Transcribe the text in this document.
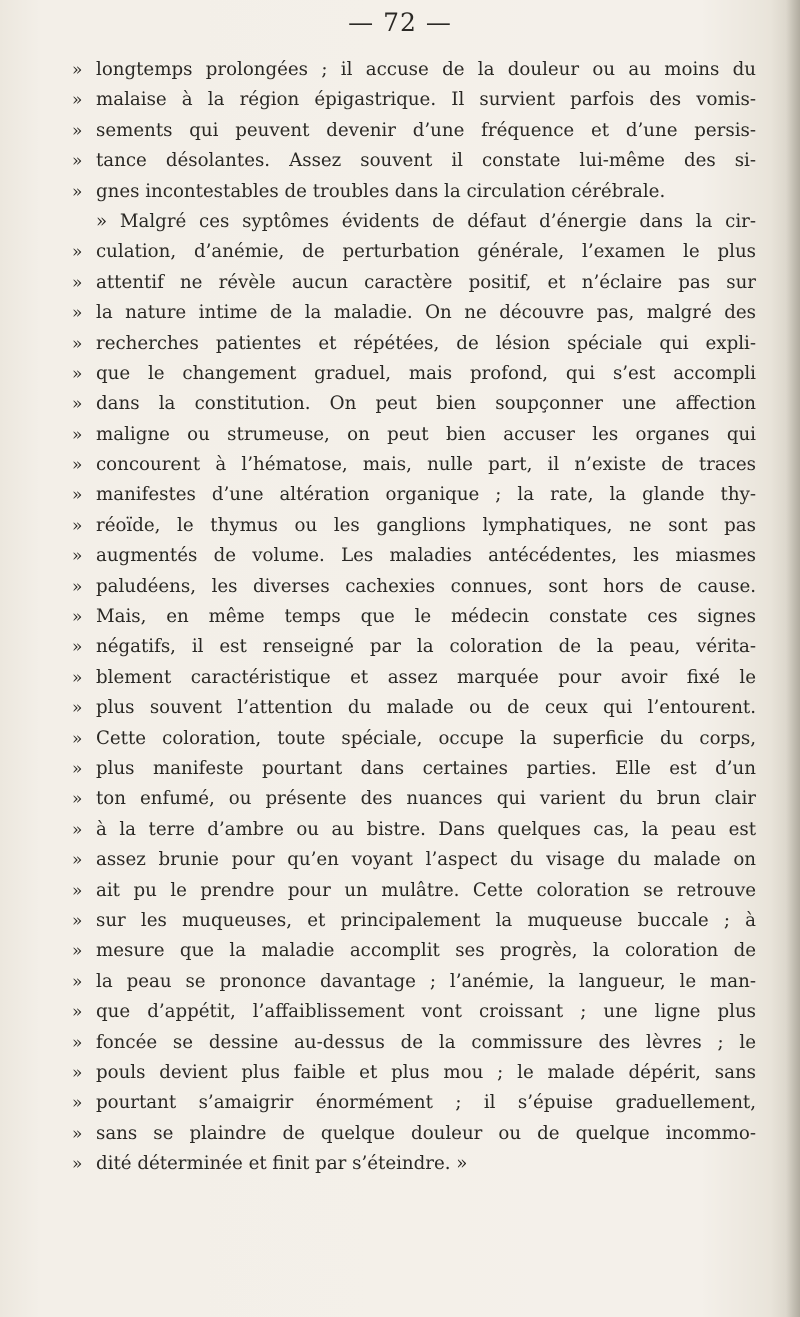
— 72 —
» longtemps prolongées ; il accuse de la douleur ou au moins du
» malaise à la région épigastrique. Il survient parfois des vomis-
» sements qui peuvent devenir d’une fréquence et d’une persis-
» tance désolantes. Assez souvent il constate lui-même des si-
» gnes incontestables de troubles dans la circulation cérébrale.
» Malgré ces syptômes évidents de défaut d’énergie dans la cir-
» culation, d’anémie, de perturbation générale, l’examen le plus
» attentif ne révèle aucun caractère positif, et n’éclaire pas sur
» la nature intime de la maladie. On ne découvre pas, malgré des
» recherches patientes et répétées, de lésion spéciale qui expli-
» que le changement graduel, mais profond, qui s’est accompli
» dans la constitution. On peut bien soupçonner une affection
» maligne ou strumeuse, on peut bien accuser les organes qui
» concourent à l’hématose, mais, nulle part, il n’existe de traces
» manifestes d’une altération organique ; la rate, la glande thy-
» réoïde, le thymus ou les ganglions lymphatiques, ne sont pas
» augmentés de volume. Les maladies antécédentes, les miasmes
» paludéens, les diverses cachexies connues, sont hors de cause.
» Mais, en même temps que le médecin constate ces signes
» négatifs, il est renseigné par la coloration de la peau, vérita-
» blement caractéristique et assez marquée pour avoir fixé le
» plus souvent l’attention du malade ou de ceux qui l’entourent.
» Cette coloration, toute spéciale, occupe la superficie du corps,
» plus manifeste pourtant dans certaines parties. Elle est d’un
» ton enfumé, ou présente des nuances qui varient du brun clair
» à la terre d’ambre ou au bistre. Dans quelques cas, la peau est
» assez brunie pour qu’en voyant l’aspect du visage du malade on
» ait pu le prendre pour un mulâtre. Cette coloration se retrouve
» sur les muqueuses, et principalement la muqueuse buccale ; à
» mesure que la maladie accomplit ses progrès, la coloration de
» la peau se prononce davantage ; l’anémie, la langueur, le man-
» que d’appétit, l’affaiblissement vont croissant ; une ligne plus
» foncée se dessine au-dessus de la commissure des lèvres ; le
» pouls devient plus faible et plus mou ; le malade dépérit, sans
» pourtant s’amaigrir énormément ; il s’épuise graduellement,
» sans se plaindre de quelque douleur ou de quelque incommo-
» dité déterminée et finit par s’éteindre. »
